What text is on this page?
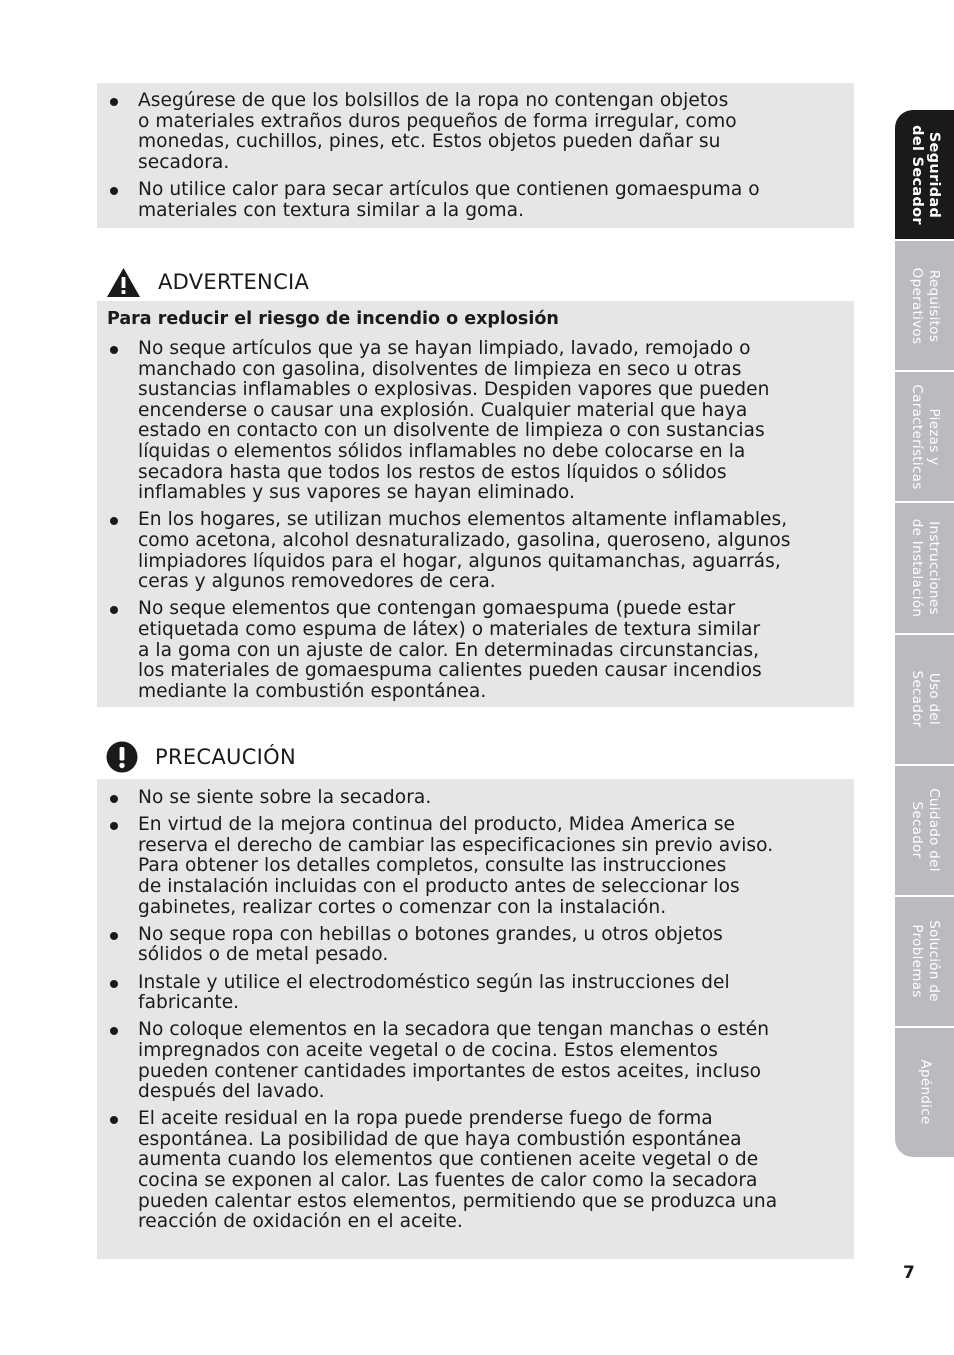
Asegúrese de que los bolsillos de la ropa no contengan objetos
o materiales extraños duros pequeños de forma irregular, como
monedas, cuchillos, pines, etc. Estos objetos pueden dañar su
secadora.
No utilice calor para secar artículos que contienen gomaespuma o
materiales con textura similar a la goma.
ADVERTENCIA
Para reducir el riesgo de incendio o explosión
No seque artículos que ya se hayan limpiado, lavado, remojado o
manchado con gasolina, disolventes de limpieza en seco u otras
sustancias inflamables o explosivas. Despiden vapores que pueden
encenderse o causar una explosión. Cualquier material que haya
estado en contacto con un disolvente de limpieza o con sustancias
líquidas o elementos sólidos inflamables no debe colocarse en la
secadora hasta que todos los restos de estos líquidos o sólidos
inflamables y sus vapores se hayan eliminado.
En los hogares, se utilizan muchos elementos altamente inflamables,
como acetona, alcohol desnaturalizado, gasolina, queroseno, algunos
limpiadores líquidos para el hogar, algunos quitamanchas, aguarrás,
ceras y algunos removedores de cera.
No seque elementos que contengan gomaespuma (puede estar
etiquetada como espuma de látex) o materiales de textura similar
a la goma con un ajuste de calor. En determinadas circunstancias,
los materiales de gomaespuma calientes pueden causar incendios
mediante la combustión espontánea.
PRECAUCIÓN
No se siente sobre la secadora.
En virtud de la mejora continua del producto, Midea America se
reserva el derecho de cambiar las especificaciones sin previo aviso.
Para obtener los detalles completos, consulte las instrucciones
de instalación incluidas con el producto antes de seleccionar los
gabinetes, realizar cortes o comenzar con la instalación.
No seque ropa con hebillas o botones grandes, u otros objetos
sólidos o de metal pesado.
Instale y utilice el electrodoméstico según las instrucciones del
fabricante.
No coloque elementos en la secadora que tengan manchas o estén
impregnados con aceite vegetal o de cocina. Estos elementos
pueden contener cantidades importantes de estos aceites, incluso
después del lavado.
El aceite residual en la ropa puede prenderse fuego de forma
espontánea. La posibilidad de que haya combustión espontánea
aumenta cuando los elementos que contienen aceite vegetal o de
cocina se exponen al calor. Las fuentes de calor como la secadora
pueden calentar estos elementos, permitiendo que se produzca una
reacción de oxidación en el aceite.
Seguridad
del Secador
Requisitos
Operativos
Piezas y
Características
Instrucciones
de Instalación
Uso del
Secador
Cuidado del
Secador
Solución de
Problemas
Apéndice
7
